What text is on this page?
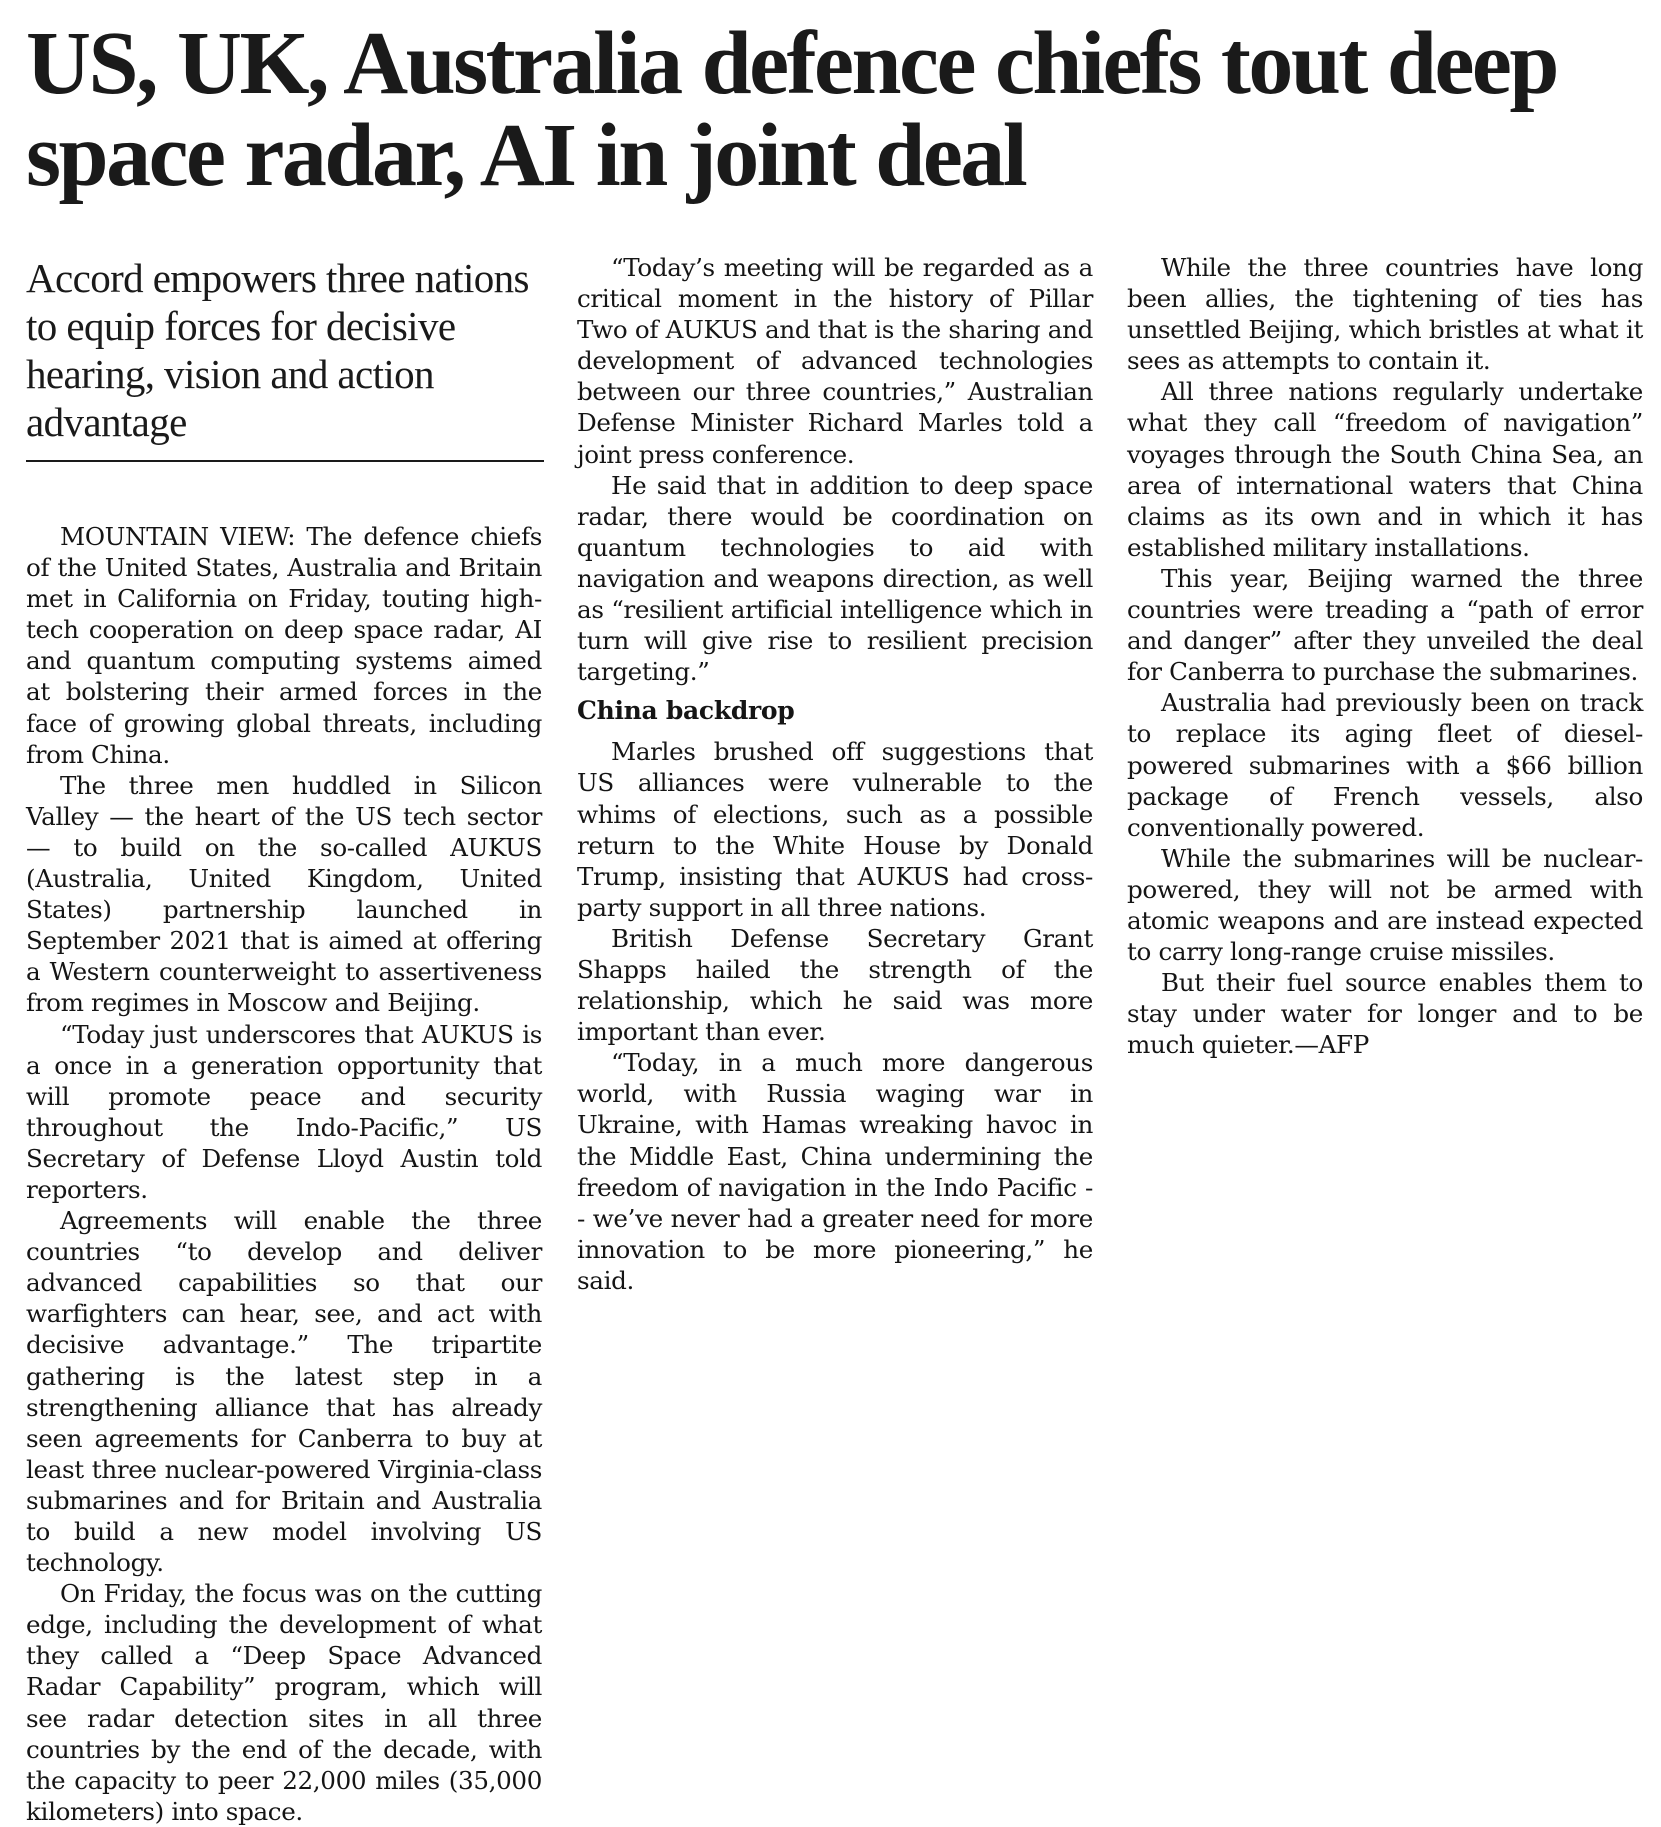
US, UK, Australia defence chiefs tout deep space radar, AI in joint deal
Accord empowers three nations to equip forces for decisive hearing, vision and action advantage

MOUNTAIN VIEW: The defence chiefs of the United States, Australia and Britain met in California on Friday, touting high-tech cooperation on deep space radar, AI and quantum computing systems aimed at bolstering their armed forces in the face of growing global threats, including from China.

The three men huddled in Silicon Valley — the heart of the US tech sector — to build on the so-called AUKUS (Australia, United Kingdom, United States) partnership launched in September 2021 that is aimed at offering a Western counterweight to assertiveness from regimes in Moscow and Beijing.

“Today just underscores that AUKUS is a once in a generation opportunity that will promote peace and security throughout the Indo-Pacific,” US Secretary of Defense Lloyd Austin told reporters.

Agreements will enable the three countries “to develop and deliver advanced capabilities so that our warfighters can hear, see, and act with decisive advantage.” The tripartite gathering is the latest step in a strengthening alliance that has already seen agreements for Canberra to buy at least three nuclear-powered Virginia-class submarines and for Britain and Australia to build a new model involving US technology.

On Friday, the focus was on the cutting edge, including the development of what they called a “Deep Space Advanced Radar Capability” program, which will see radar detection sites in all three countries by the end of the decade, with the capacity to peer 22,000 miles (35,000 kilometers) into space.

“Today’s meeting will be regarded as a critical moment in the history of Pillar Two of AUKUS and that is the sharing and development of advanced technologies between our three countries,” Australian Defense Minister Richard Marles told a joint press conference.

He said that in addition to deep space radar, there would be coordination on quantum technologies to aid with navigation and weapons direction, as well as “resilient artificial intelligence which in turn will give rise to resilient precision targeting.”

China backdrop

Marles brushed off suggestions that US alliances were vulnerable to the whims of elections, such as a possible return to the White House by Donald Trump, insisting that AUKUS had cross-party support in all three nations.

British Defense Secretary Grant Shapps hailed the strength of the relationship, which he said was more important than ever.

“Today, in a much more dangerous world, with Russia waging war in Ukraine, with Hamas wreaking havoc in the Middle East, China undermining the freedom of navigation in the Indo Pacific -- we’ve never had a greater need for more innovation to be more pioneering,” he said.

While the three countries have long been allies, the tightening of ties has unsettled Beijing, which bristles at what it sees as attempts to contain it.

All three nations regularly undertake what they call “freedom of navigation” voyages through the South China Sea, an area of international waters that China claims as its own and in which it has established military installations.

This year, Beijing warned the three countries were treading a “path of error and danger” after they unveiled the deal for Canberra to purchase the submarines.

Australia had previously been on track to replace its aging fleet of diesel-powered submarines with a $66 billion package of French vessels, also conventionally powered.

While the submarines will be nuclear-powered, they will not be armed with atomic weapons and are instead expected to carry long-range cruise missiles.

But their fuel source enables them to stay under water for longer and to be much quieter.—AFP
